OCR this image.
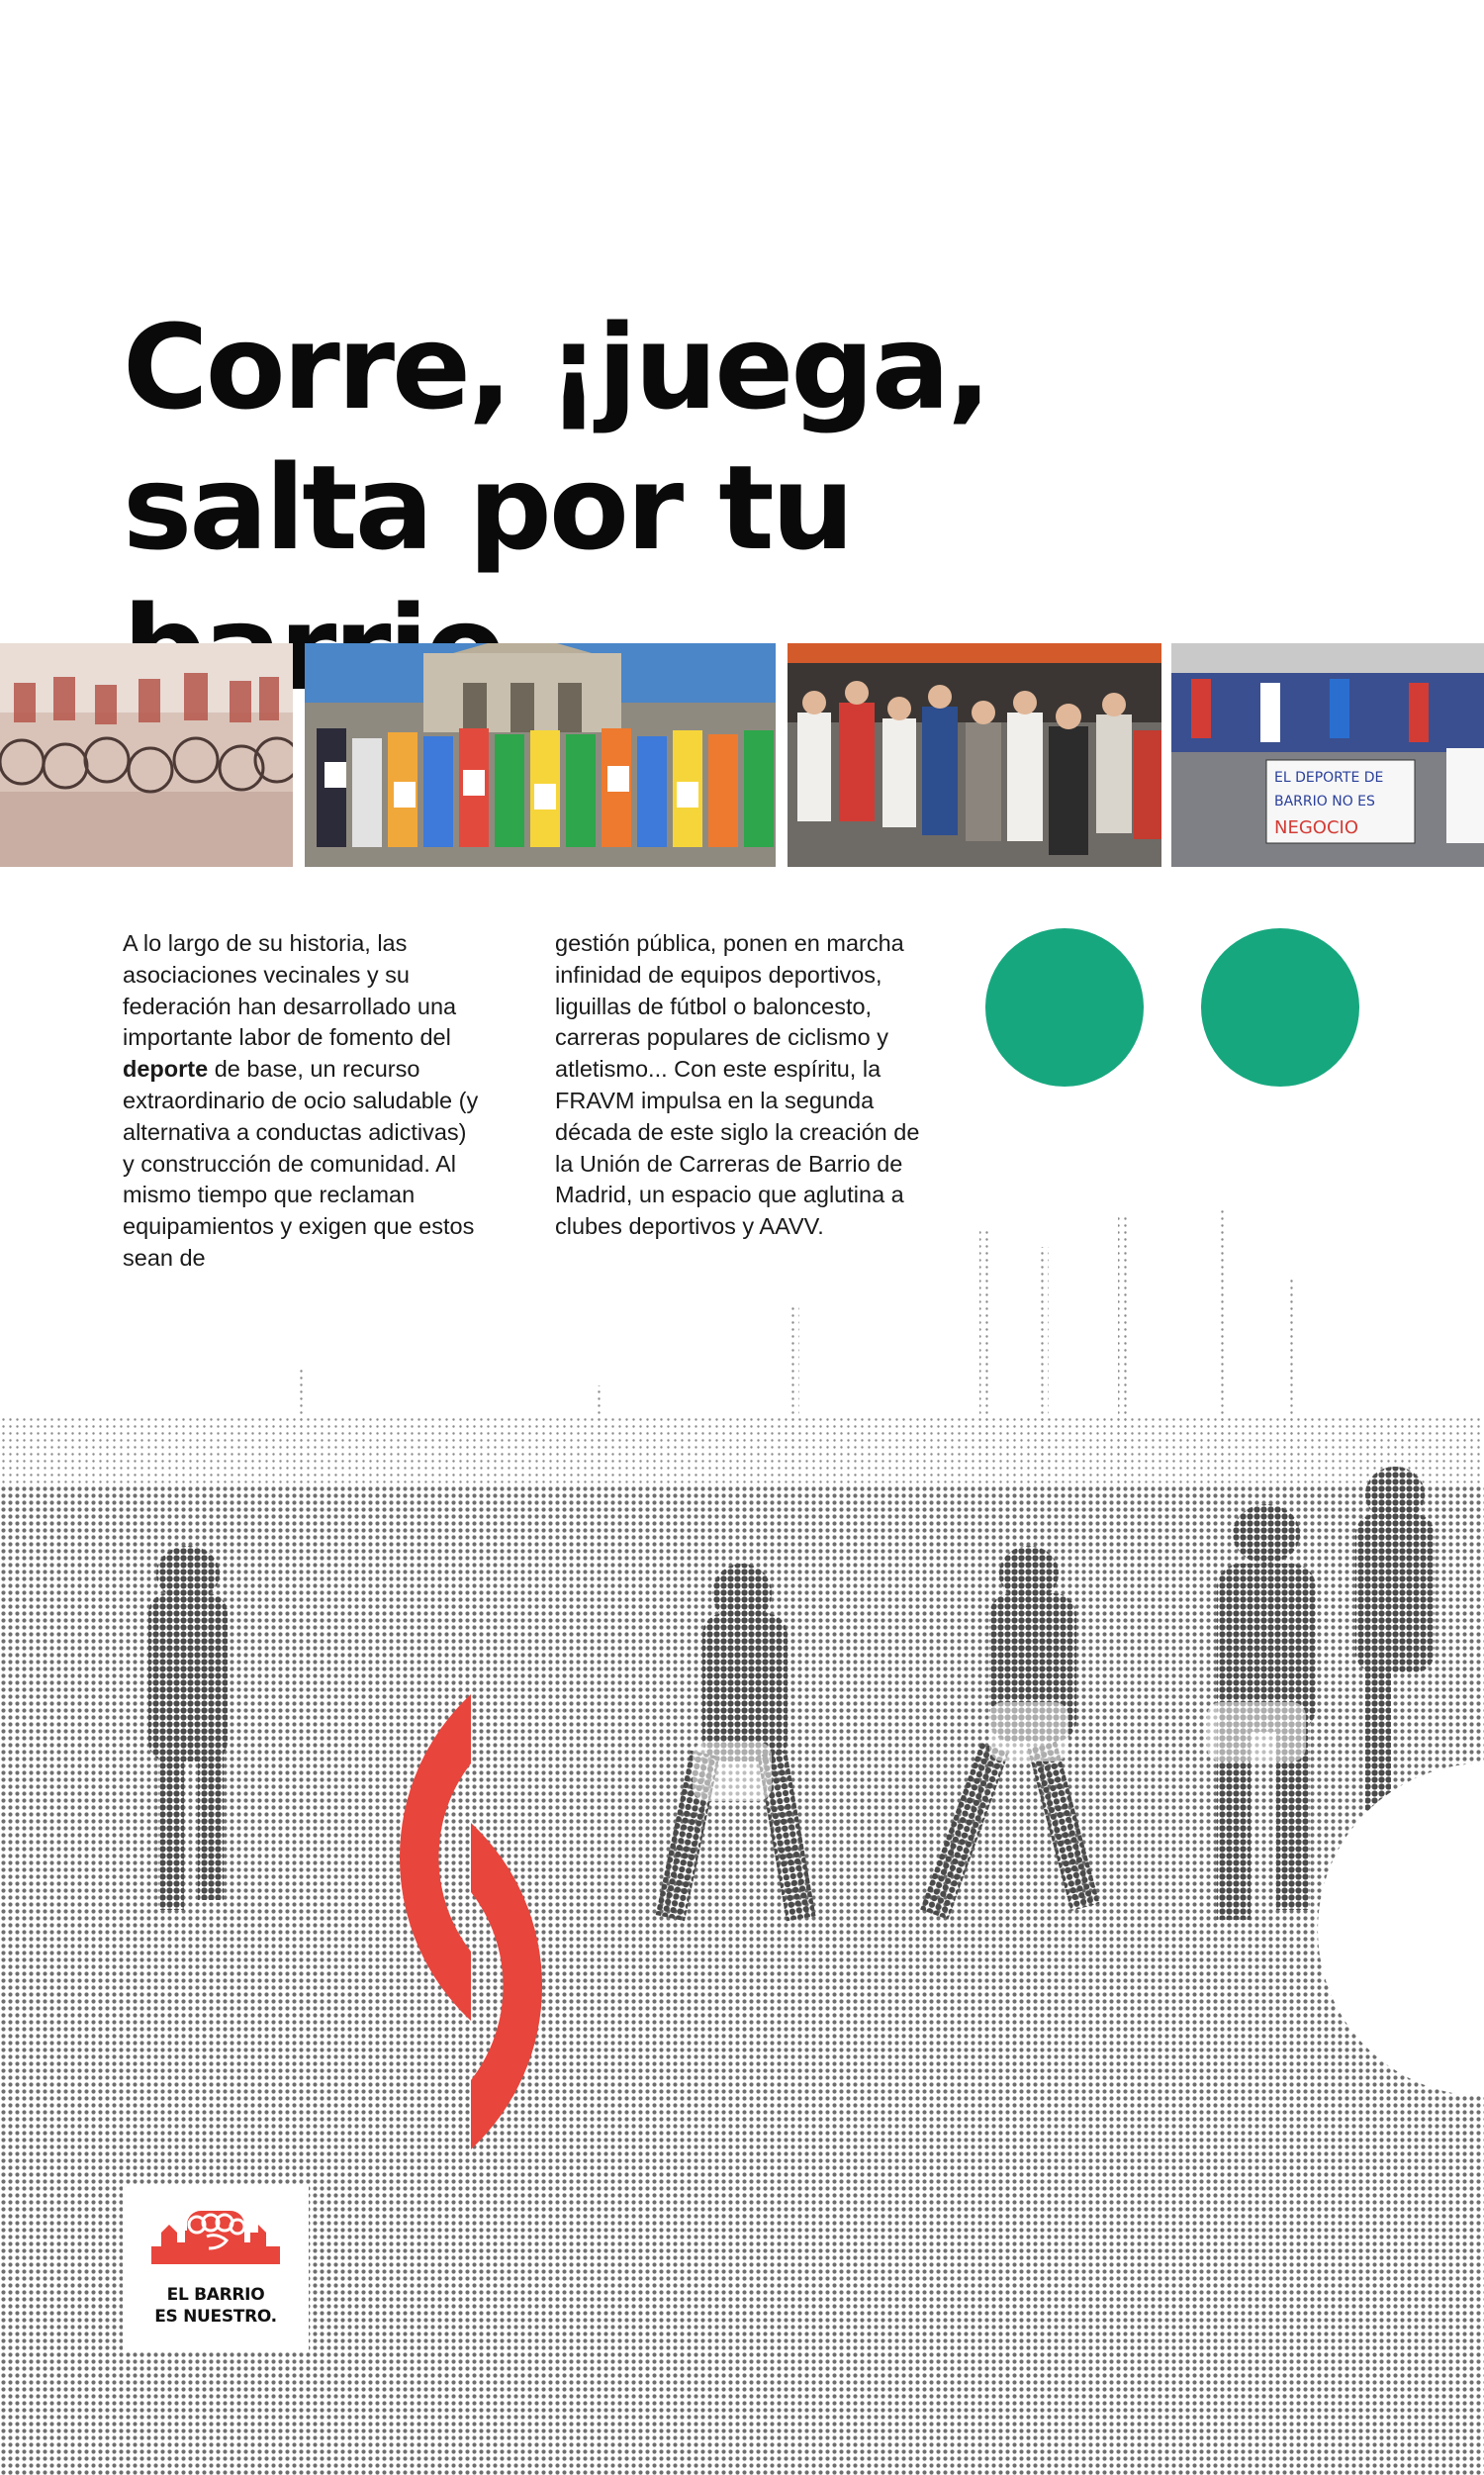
Corre, ¡juega,
salta por tu
EL DEPORTE DE
BARRIO NO ES
NEGOCIO
A lo largo de su historia, las asociaciones vecinales y su federación han desarrollado una importante labor de fomento del deporte de base, un recurso extraordinario de ocio saludable (y alternativa a conductas adictivas) y construcción de comunidad. Al mismo tiempo que reclaman equipamientos y exigen que estos sean de
gestión pública, ponen en marcha infinidad de equipos deportivos, liguillas de fútbol o baloncesto, carreras populares de ciclismo y atletismo... Con este espíritu, la FRAVM impulsa en la segunda década de este siglo la creación de la Unión de Carreras de Barrio de Madrid, un espacio que aglutina a clubes deportivos y AAVV.
EL BARRIO
ES NUESTRO.
